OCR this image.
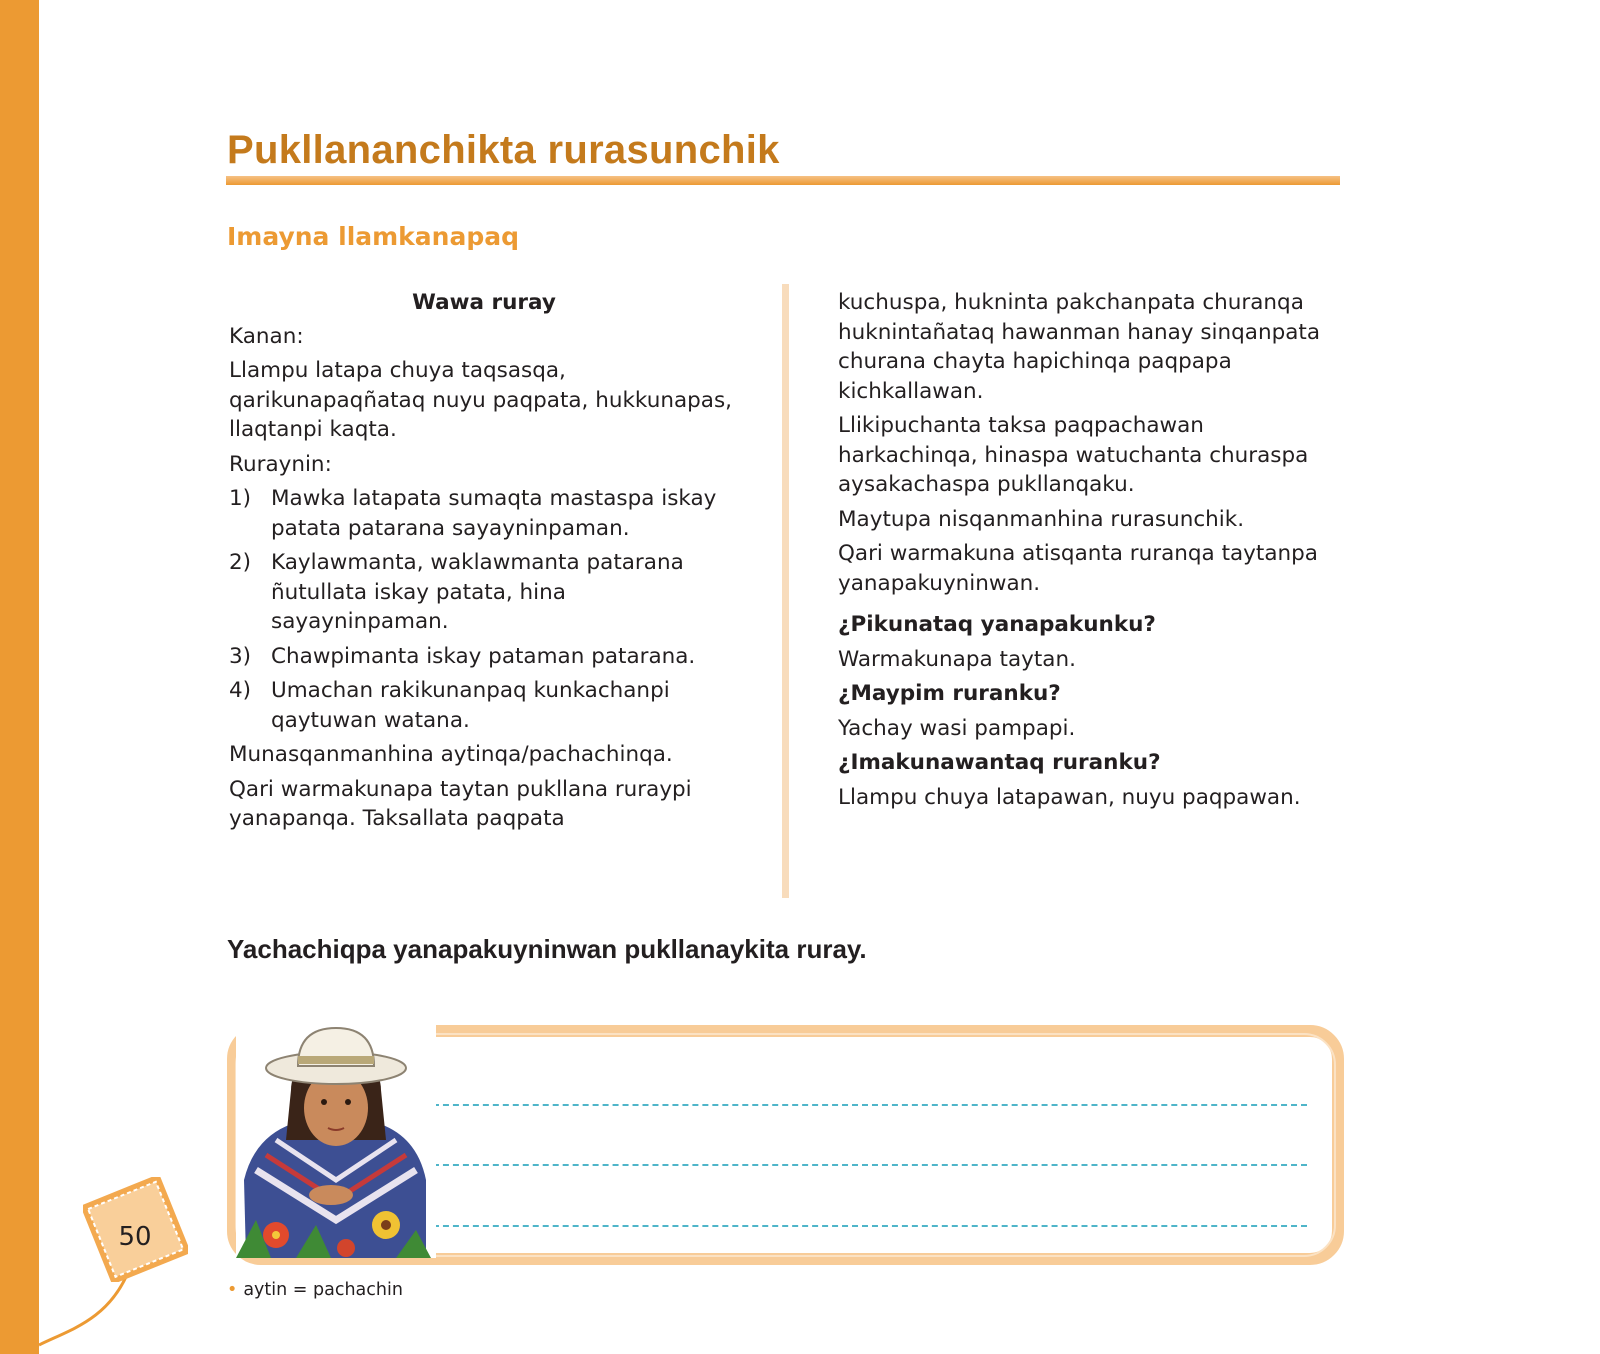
Pukllananchikta rurasunchik
Imayna llamkanapaq

Wawa ruray

Kanan:

Llampu latapa chuya taqsasqa, qarikunapaqñataq nuyu paqpata, hukkunapas, llaqtanpi kaqta.

Ruraynin:

1) Mawka latapata sumaqta mastaspa iskay patata patarana sayayninpaman.
2) Kaylawmanta, waklawmanta patarana ñutullata iskay patata, hina sayayninpaman.
3) Chawpimanta iskay pataman patarana.
4) Umachan rakikunanpaq kunkachanpi qaytuwan watana.

Munasqanmanhina aytinqa/pachachinqa.

Qari warmakunapa taytan pukllana ruraypi yanapanqa. Taksallata paqpata

kuchuspa, hukninta pakchanpata churanqa huknintañataq hawanman hanay sinqanpata churana chayta hapichinqa paqpapa kichkallawan.

Llikipuchanta taksa paqpachawan harkachinqa, hinaspa watuchanta churaspa aysakachaspa pukllanqaku.

Maytupa nisqanmanhina rurasunchik.

Qari warmakuna atisqanta ruranqa taytanpa yanapakuyninwan.

¿Pikunataq yanapakunku?

Warmakunapa taytan.

¿Maypim ruranku?

Yachay wasi pampapi.

¿Imakunawantaq ruranku?

Llampu chuya latapawan, nuyu paqpawan.

Yachachiqpa yanapakuyninwan pukllanaykita ruray.

50
• aytin = pachachin
